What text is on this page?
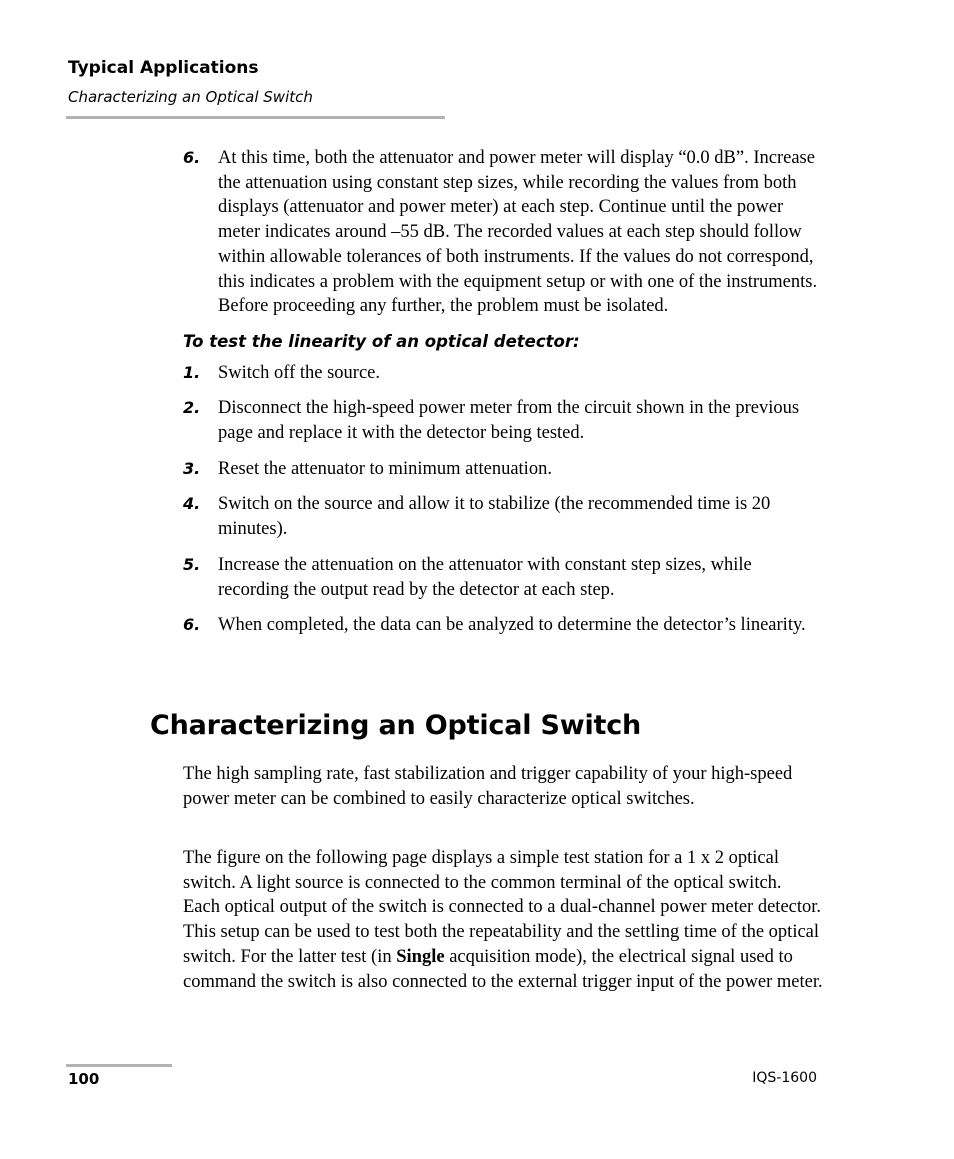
Typical Applications
Characterizing an Optical Switch
6. At this time, both the attenuator and power meter will display “0.0 dB”. Increase the attenuation using constant step sizes, while recording the values from both displays (attenuator and power meter) at each step. Continue until the power meter indicates around –55 dB. The recorded values at each step should follow within allowable tolerances of both instruments. If the values do not correspond, this indicates a problem with the equipment setup or with one of the instruments. Before proceeding any further, the problem must be isolated.
To test the linearity of an optical detector:
1. Switch off the source.
2. Disconnect the high-speed power meter from the circuit shown in the previous page and replace it with the detector being tested.
3. Reset the attenuator to minimum attenuation.
4. Switch on the source and allow it to stabilize (the recommended time is 20 minutes).
5. Increase the attenuation on the attenuator with constant step sizes, while recording the output read by the detector at each step.
6. When completed, the data can be analyzed to determine the detector’s linearity.
Characterizing an Optical Switch
The high sampling rate, fast stabilization and trigger capability of your high-speed power meter can be combined to easily characterize optical switches.
The figure on the following page displays a simple test station for a 1 x 2 optical switch. A light source is connected to the common terminal of the optical switch. Each optical output of the switch is connected to a dual-channel power meter detector. This setup can be used to test both the repeatability and the settling time of the optical switch. For the latter test (in Single acquisition mode), the electrical signal used to command the switch is also connected to the external trigger input of the power meter.
100	IQS-1600
